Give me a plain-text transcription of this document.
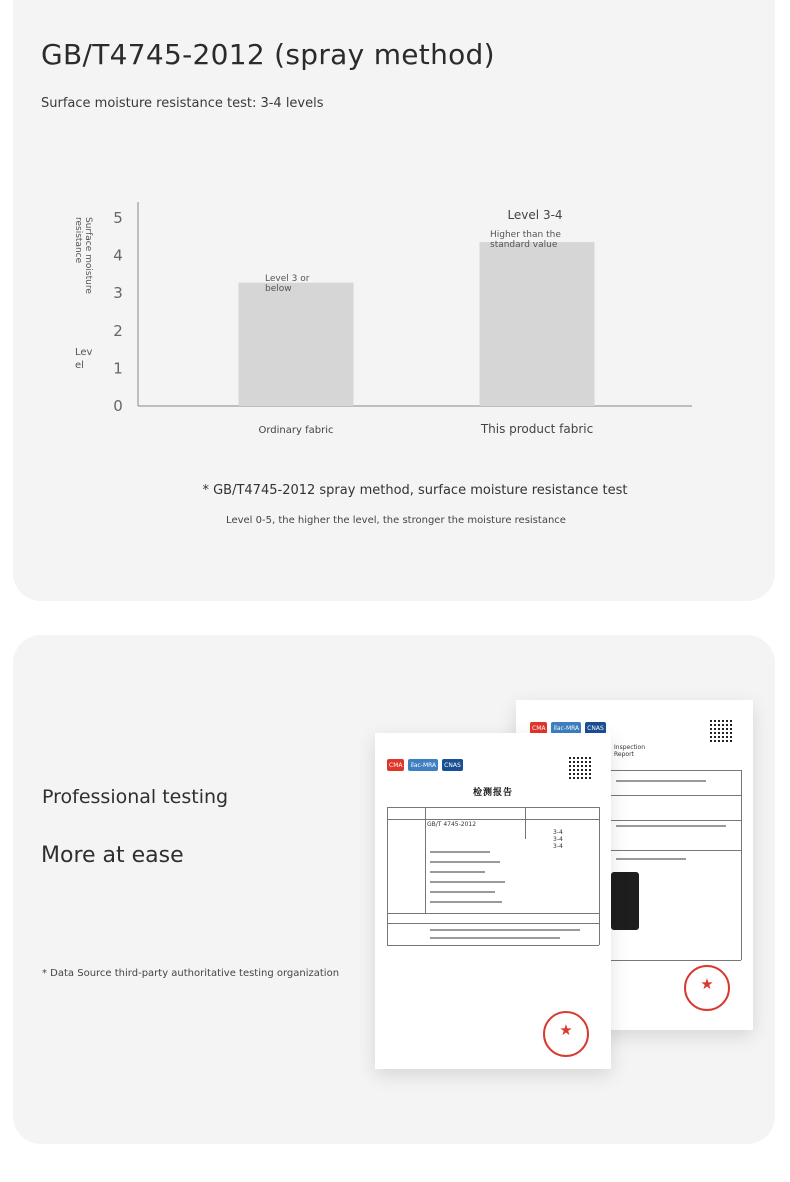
GB/T4745-2012 (spray method)
Surface moisture resistance test: 3-4 levels
0
1
2
3
4
5
Surface moisture
resistance
Lev
el
Ordinary fabric	This product fabric
Level 3 or
below
Level 3-4
Higher than the
standard value
* GB/T4745-2012 spray method, surface moisture resistance test
Level 0-5, the higher the level, the stronger the moisture resistance
Professional testing
More at ease
* Data Source third-party authoritative testing organization
CMA	ilac-MRA	CNAS
Inspection
Report
★
CMA	ilac-MRA	CNAS
检测报告
GB/T 4745-2012
3-4
3-4
3-4
★
